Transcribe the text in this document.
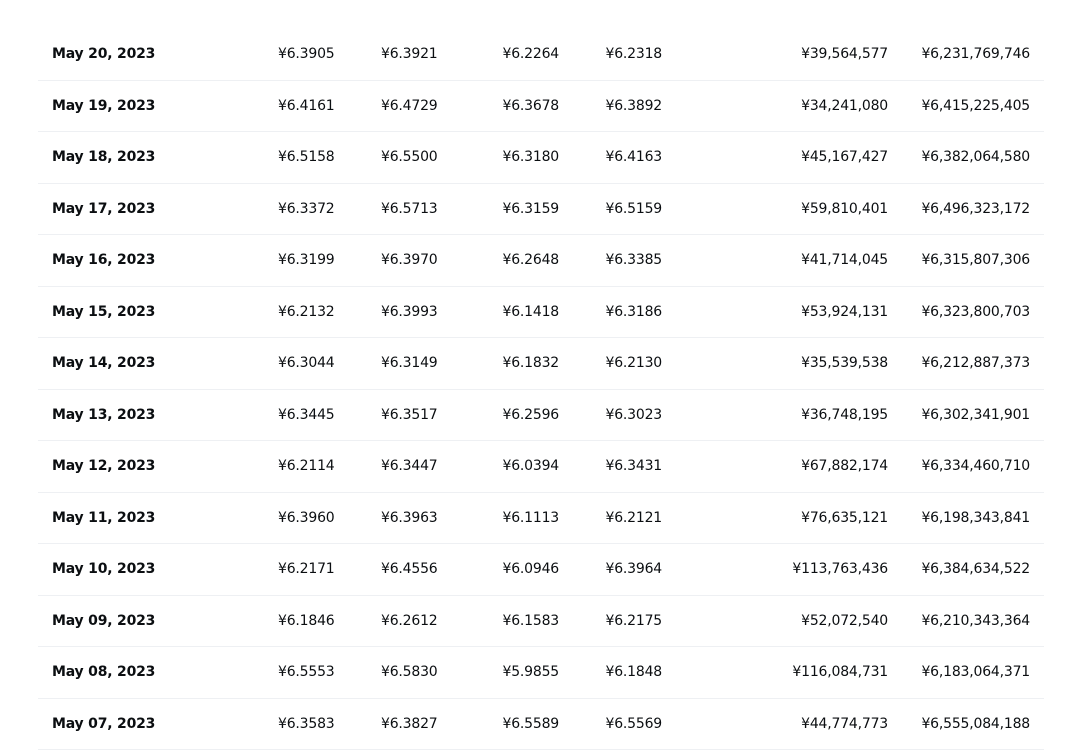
May 20, 2023	¥6.3905	¥6.3921	¥6.2264	¥6.2318	¥39,564,577 ¥6,231,769,746
May 19, 2023	¥6.4161	¥6.4729	¥6.3678	¥6.3892	¥34,241,080 ¥6,415,225,405
May 18, 2023	¥6.5158	¥6.5500	¥6.3180	¥6.4163	¥45,167,427 ¥6,382,064,580
May 17, 2023	¥6.3372	¥6.5713	¥6.3159	¥6.5159	¥59,810,401 ¥6,496,323,172
May 16, 2023	¥6.3199	¥6.3970	¥6.2648	¥6.3385	¥41,714,045 ¥6,315,807,306
May 15, 2023	¥6.2132	¥6.3993	¥6.1418	¥6.3186	¥53,924,131 ¥6,323,800,703
May 14, 2023	¥6.3044	¥6.3149	¥6.1832	¥6.2130	¥35,539,538 ¥6,212,887,373
May 13, 2023	¥6.3445	¥6.3517	¥6.2596	¥6.3023	¥36,748,195 ¥6,302,341,901
May 12, 2023	¥6.2114	¥6.3447	¥6.0394	¥6.3431	¥67,882,174 ¥6,334,460,710
May 11, 2023	¥6.3960	¥6.3963	¥6.1113	¥6.2121	¥76,635,121 ¥6,198,343,841
May 10, 2023	¥6.2171	¥6.4556	¥6.0946	¥6.3964	¥113,763,436 ¥6,384,634,522
May 09, 2023	¥6.1846	¥6.2612	¥6.1583	¥6.2175	¥52,072,540 ¥6,210,343,364
May 08, 2023	¥6.5553	¥6.5830	¥5.9855	¥6.1848	¥116,084,731 ¥6,183,064,371
May 07, 2023	¥6.3583	¥6.3827	¥6.5589	¥6.5569	¥44,774,773 ¥6,555,084,188
